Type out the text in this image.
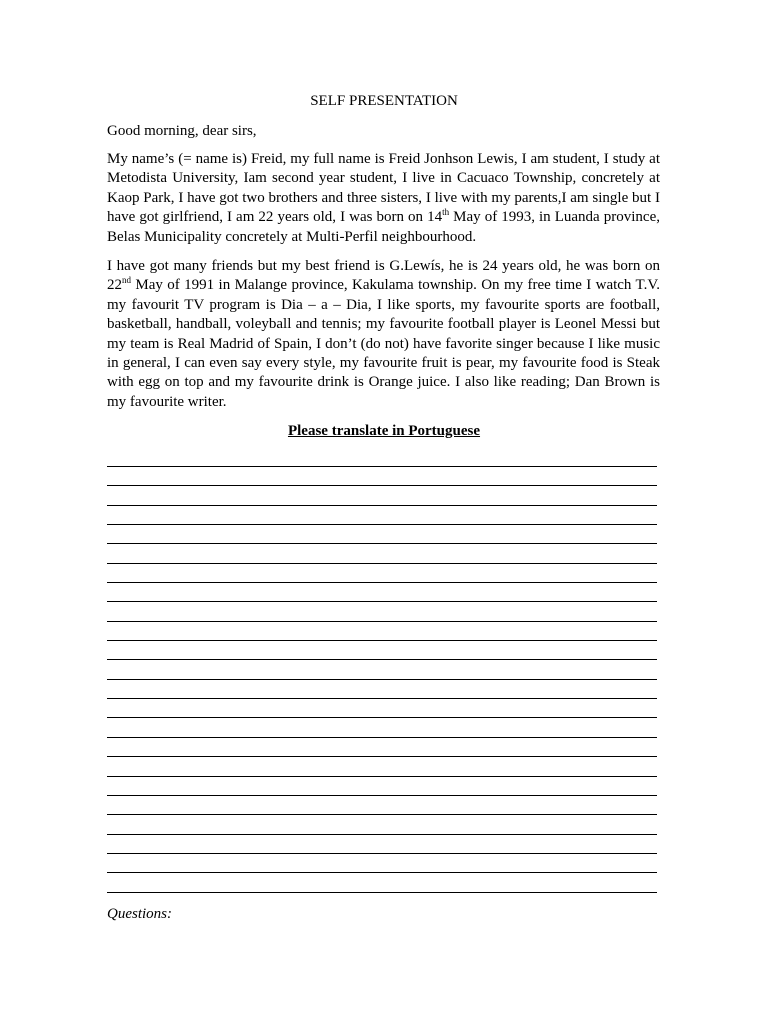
SELF PRESENTATION
Good morning, dear sirs,

My name’s (= name is) Freid, my full name is Freid Jonhson Lewis, I am student, I study at Metodista University, Iam second year student, I live in Cacuaco Township, concretely at Kaop Park, I have got two brothers and three sisters, I live with my parents,I am single but I have got girlfriend, I am 22 years old, I was born on 14th May of 1993, in Luanda province, Belas Municipality concretely at Multi-Perfil neighbourhood.

I have got many friends but my best friend is G.Lewís, he is 24 years old, he was born on 22nd May of 1991 in Malange province, Kakulama township. On my free time I watch T.V. my favourit TV program is Dia – a – Dia, I like sports, my favourite sports are football, basketball, handball, voleyball and tennis; my favourite football player is Leonel Messi but my team is Real Madrid of Spain, I don’t (do not) have favorite singer because I like music in general, I can even say every style, my favourite fruit is pear, my favourite food is Steak with egg on top and my favourite drink is Orange juice. I also like reading; Dan Brown is my favourite writer.

Please translate in Portuguese
Questions:
